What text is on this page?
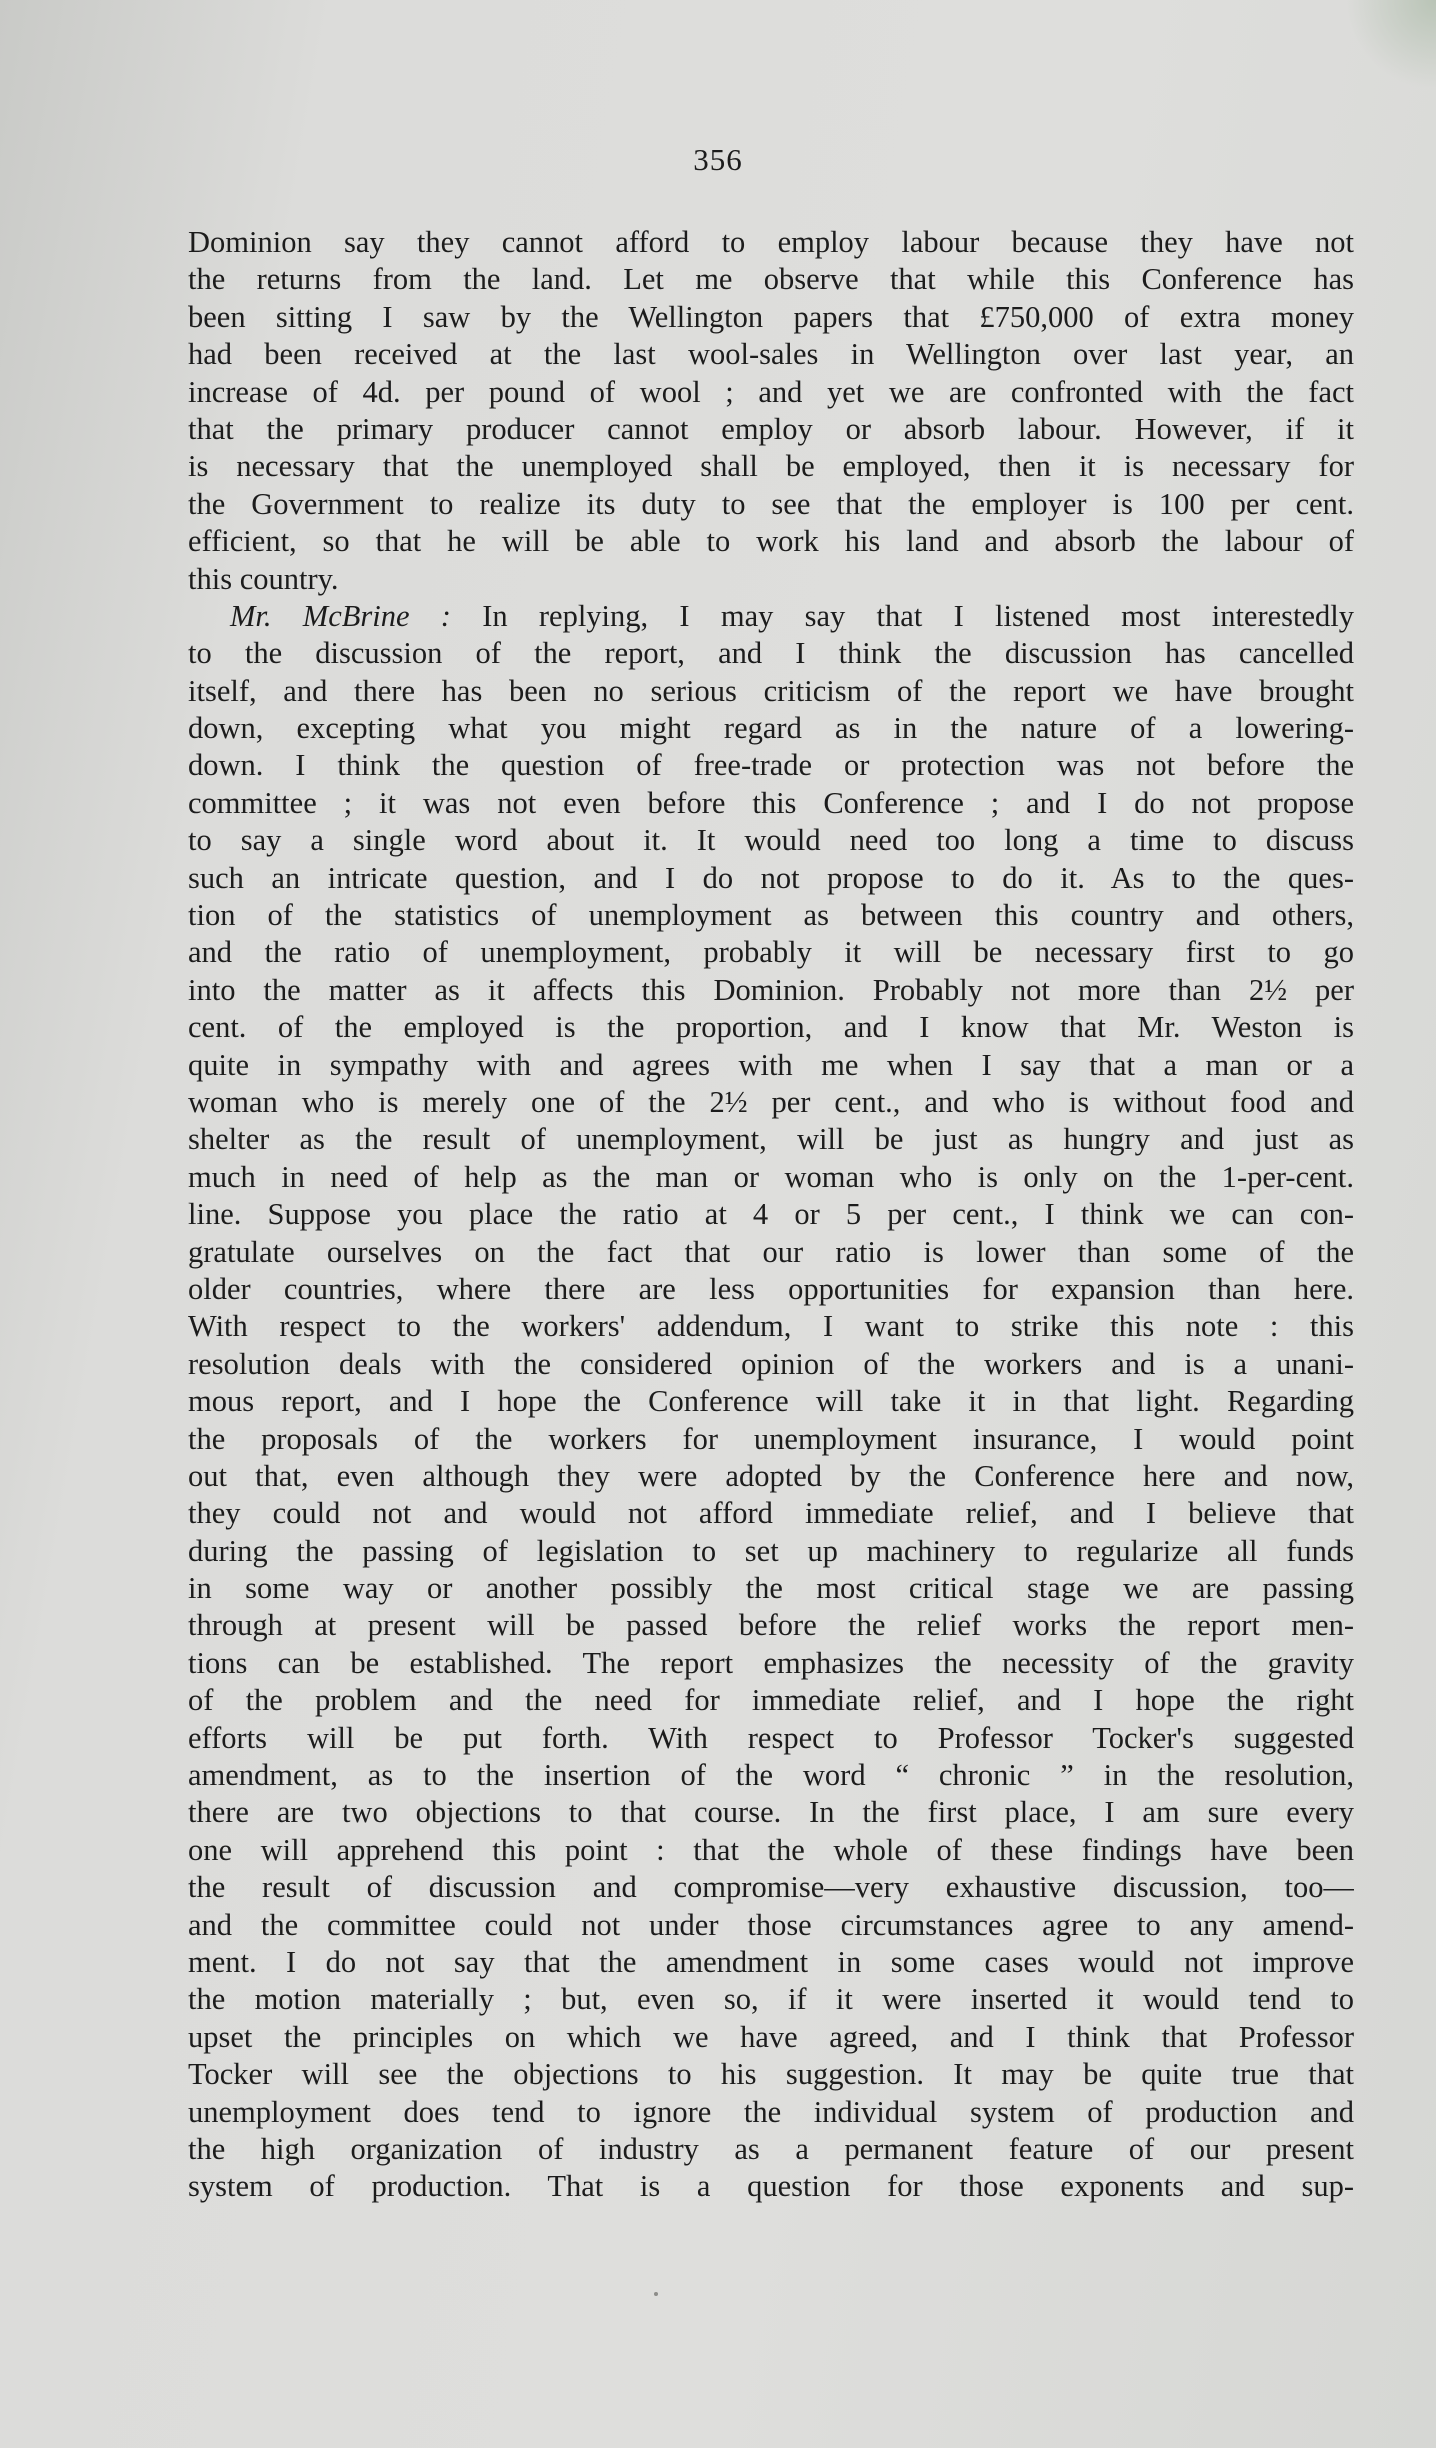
356
Dominion say they cannot afford to employ labour because they have not
the returns from the land. Let me observe that while this Conference has
been sitting I saw by the Wellington papers that £750,000 of extra money
had been received at the last wool-sales in Wellington over last year, an
increase of 4d. per pound of wool ; and yet we are confronted with the fact
that the primary producer cannot employ or absorb labour. However, if it
is necessary that the unemployed shall be employed, then it is necessary for
the Government to realize its duty to see that the employer is 100 per cent.
efficient, so that he will be able to work his land and absorb the labour of
this country.
Mr. McBrine : In replying, I may say that I listened most interestedly
to the discussion of the report, and I think the discussion has cancelled
itself, and there has been no serious criticism of the report we have brought
down, excepting what you might regard as in the nature of a lowering-
down. I think the question of free-trade or protection was not before the
committee ; it was not even before this Conference ; and I do not propose
to say a single word about it. It would need too long a time to discuss
such an intricate question, and I do not propose to do it. As to the ques-
tion of the statistics of unemployment as between this country and others,
and the ratio of unemployment, probably it will be necessary first to go
into the matter as it affects this Dominion. Probably not more than 2½ per
cent. of the employed is the proportion, and I know that Mr. Weston is
quite in sympathy with and agrees with me when I say that a man or a
woman who is merely one of the 2½ per cent., and who is without food and
shelter as the result of unemployment, will be just as hungry and just as
much in need of help as the man or woman who is only on the 1-per-cent.
line. Suppose you place the ratio at 4 or 5 per cent., I think we can con-
gratulate ourselves on the fact that our ratio is lower than some of the
older countries, where there are less opportunities for expansion than here.
With respect to the workers' addendum, I want to strike this note : this
resolution deals with the considered opinion of the workers and is a unani-
mous report, and I hope the Conference will take it in that light. Regarding
the proposals of the workers for unemployment insurance, I would point
out that, even although they were adopted by the Conference here and now,
they could not and would not afford immediate relief, and I believe that
during the passing of legislation to set up machinery to regularize all funds
in some way or another possibly the most critical stage we are passing
through at present will be passed before the relief works the report men-
tions can be established. The report emphasizes the necessity of the gravity
of the problem and the need for immediate relief, and I hope the right
efforts will be put forth. With respect to Professor Tocker's suggested
amendment, as to the insertion of the word “ chronic ” in the resolution,
there are two objections to that course. In the first place, I am sure every
one will apprehend this point : that the whole of these findings have been
the result of discussion and compromise—very exhaustive discussion, too—
and the committee could not under those circumstances agree to any amend-
ment. I do not say that the amendment in some cases would not improve
the motion materially ; but, even so, if it were inserted it would tend to
upset the principles on which we have agreed, and I think that Professor
Tocker will see the objections to his suggestion. It may be quite true that
unemployment does tend to ignore the individual system of production and
the high organization of industry as a permanent feature of our present
system of production. That is a question for those exponents and sup-
